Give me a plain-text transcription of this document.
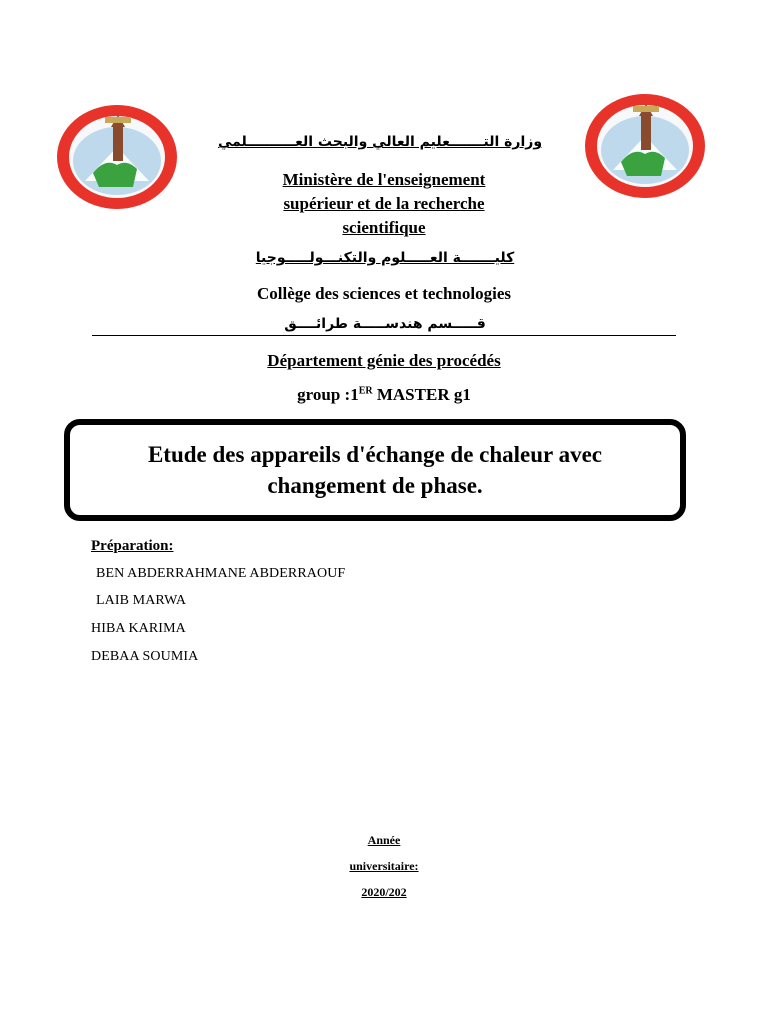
وزارة التـــــــعليم العالي والبحث العــــــــــلمي
Ministère de l'enseignement
supérieur et de la recherche
scientifique
كليـــــــة العـــــلوم والتكنـــولـــــوجيا
Collège des sciences et technologies
قـــــسم هندســـــة طرائــــق
Département génie des procédés
group :1ER MASTER g1
Etude des appareils d'échange de chaleur avec
changement de phase.
Préparation:
BEN ABDERRAHMANE ABDERRAOUF
LAIB MARWA
HIBA KARIMA
DEBAA SOUMIA
Année
universitaire:
2020/202
